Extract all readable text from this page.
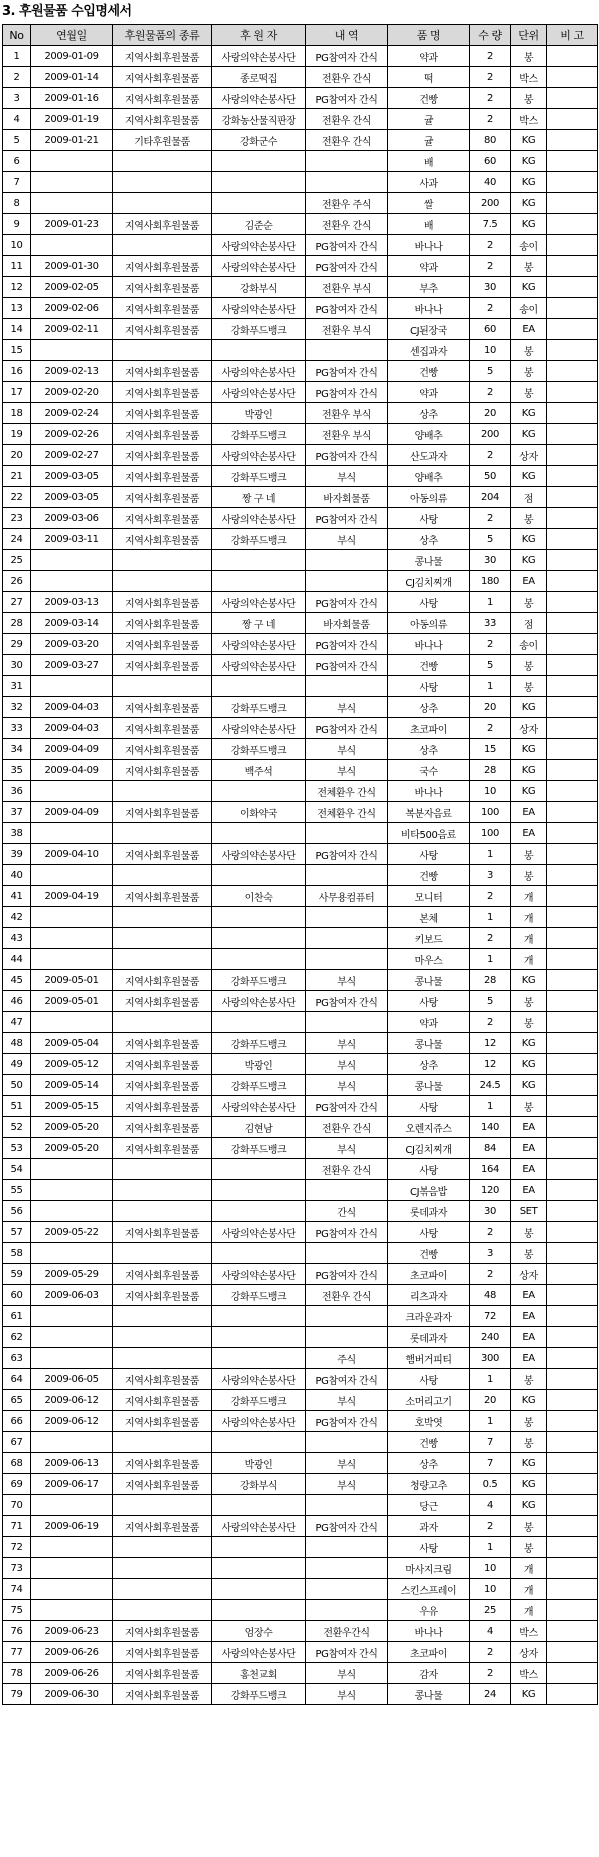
3. 후원물품 수입명세서
No	연월일	후원물품의 종류	후 원 자	내 역	품 명	수 량	단위	비 고
1	2009-01-09	지역사회후원물품	사랑의약손봉사단	PG참여자 간식	약과	2	봉	
2	2009-01-14	지역사회후원물품	종로떡집	전환우 간식	떡	2	박스	
3	2009-01-16	지역사회후원물품	사랑의약손봉사단	PG참여자 간식	건빵	2	봉	
4	2009-01-19	지역사회후원물품	강화농산물직판장	전환우 간식	귤	2	박스	
5	2009-01-21	기타후원물품	강화군수	전환우 간식	귤	80	KG	
6					배	60	KG	
7					사과	40	KG	
8				전환우 주식	쌀	200	KG	
9	2009-01-23	지역사회후원물품	김준순	전환우 간식	배	7.5	KG	
10			사랑의약손봉사단	PG참여자 간식	바나나	2	송이	
11	2009-01-30	지역사회후원물품	사랑의약손봉사단	PG참여자 간식	약과	2	봉	
12	2009-02-05	지역사회후원물품	강화부식	전환우 부식	부추	30	KG	
13	2009-02-06	지역사회후원물품	사랑의약손봉사단	PG참여자 간식	바나나	2	송이	
14	2009-02-11	지역사회후원물품	강화푸드뱅크	전환우 부식	CJ된장국	60	EA	
15					센집과자	10	봉	
16	2009-02-13	지역사회후원물품	사랑의약손봉사단	PG참여자 간식	건빵	5	봉	
17	2009-02-20	지역사회후원물품	사랑의약손봉사단	PG참여자 간식	약과	2	봉	
18	2009-02-24	지역사회후원물품	박광인	전환우 부식	상추	20	KG	
19	2009-02-26	지역사회후원물품	강화푸드뱅크	전환우 부식	양배추	200	KG	
20	2009-02-27	지역사회후원물품	사랑의약손봉사단	PG참여자 간식	산도과자	2	상자	
21	2009-03-05	지역사회후원물품	강화푸드뱅크	부식	양배추	50	KG	
22	2009-03-05	지역사회후원물품	짱 구 네	바자회물품	아동의류	204	점	
23	2009-03-06	지역사회후원물품	사랑의약손봉사단	PG참여자 간식	사탕	2	봉	
24	2009-03-11	지역사회후원물품	강화푸드뱅크	부식	상추	5	KG	
25					콩나물	30	KG	
26					CJ김치찌개	180	EA	
27	2009-03-13	지역사회후원물품	사랑의약손봉사단	PG참여자 간식	사탕	1	봉	
28	2009-03-14	지역사회후원물품	짱 구 네	바자회물품	아동의류	33	점	
29	2009-03-20	지역사회후원물품	사랑의약손봉사단	PG참여자 간식	바나나	2	송이	
30	2009-03-27	지역사회후원물품	사랑의약손봉사단	PG참여자 간식	건빵	5	봉	
31					사탕	1	봉	
32	2009-04-03	지역사회후원물품	강화푸드뱅크	부식	상추	20	KG	
33	2009-04-03	지역사회후원물품	사랑의약손봉사단	PG참여자 간식	초코파이	2	상자	
34	2009-04-09	지역사회후원물품	강화푸드뱅크	부식	상추	15	KG	
35	2009-04-09	지역사회후원물품	백주석	부식	국수	28	KG	
36				전체환우 간식	바나나	10	KG	
37	2009-04-09	지역사회후원물품	이화약국	전체환우 간식	복분자음료	100	EA	
38					비타500음료	100	EA	
39	2009-04-10	지역사회후원물품	사랑의약손봉사단	PG참여자 간식	사탕	1	봉	
40					건빵	3	봉	
41	2009-04-19	지역사회후원물품	이찬숙	사무용컴퓨터	모니터	2	개	
42					본체	1	개	
43					키보드	2	개	
44					마우스	1	개	
45	2009-05-01	지역사회후원물품	강화푸드뱅크	부식	콩나물	28	KG	
46	2009-05-01	지역사회후원물품	사랑의약손봉사단	PG참여자 간식	사탕	5	봉	
47					약과	2	봉	
48	2009-05-04	지역사회후원물품	강화푸드뱅크	부식	콩나물	12	KG	
49	2009-05-12	지역사회후원물품	박광인	부식	상추	12	KG	
50	2009-05-14	지역사회후원물품	강화푸드뱅크	부식	콩나물	24.5	KG	
51	2009-05-15	지역사회후원물품	사랑의약손봉사단	PG참여자 간식	사탕	1	봉	
52	2009-05-20	지역사회후원물품	김현남	전환우 간식	오렌지쥬스	140	EA	
53	2009-05-20	지역사회후원물품	강화푸드뱅크	부식	CJ김치찌개	84	EA	
54				전환우 간식	사탕	164	EA	
55					CJ볶음밥	120	EA	
56				간식	롯데과자	30	SET	
57	2009-05-22	지역사회후원물품	사랑의약손봉사단	PG참여자 간식	사탕	2	봉	
58					건빵	3	봉	
59	2009-05-29	지역사회후원물품	사랑의약손봉사단	PG참여자 간식	초코파이	2	상자	
60	2009-06-03	지역사회후원물품	강화푸드뱅크	전환우 간식	리츠과자	48	EA	
61					크라운과자	72	EA	
62					롯데과자	240	EA	
63				주식	햄버거피티	300	EA	
64	2009-06-05	지역사회후원물품	사랑의약손봉사단	PG참여자 간식	사탕	1	봉	
65	2009-06-12	지역사회후원물품	강화푸드뱅크	부식	소머리고기	20	KG	
66	2009-06-12	지역사회후원물품	사랑의약손봉사단	PG참여자 간식	호박엿	1	봉	
67					건빵	7	봉	
68	2009-06-13	지역사회후원물품	박광인	부식	상추	7	KG	
69	2009-06-17	지역사회후원물품	강화부식	부식	청량고추	0.5	KG	
70					당근	4	KG	
71	2009-06-19	지역사회후원물품	사랑의약손봉사단	PG참여자 간식	과자	2	봉	
72					사탕	1	봉	
73					마사지크림	10	개	
74					스킨스프레이	10	개	
75					우유	25	개	
76	2009-06-23	지역사회후원물품	엄장수	전환우간식	바나나	4	박스	
77	2009-06-26	지역사회후원물품	사랑의약손봉사단	PG참여자 간식	초코파이	2	상자	
78	2009-06-26	지역사회후원물품	홍천교회	부식	감자	2	박스	
79	2009-06-30	지역사회후원물품	강화푸드뱅크	부식	콩나물	24	KG	
